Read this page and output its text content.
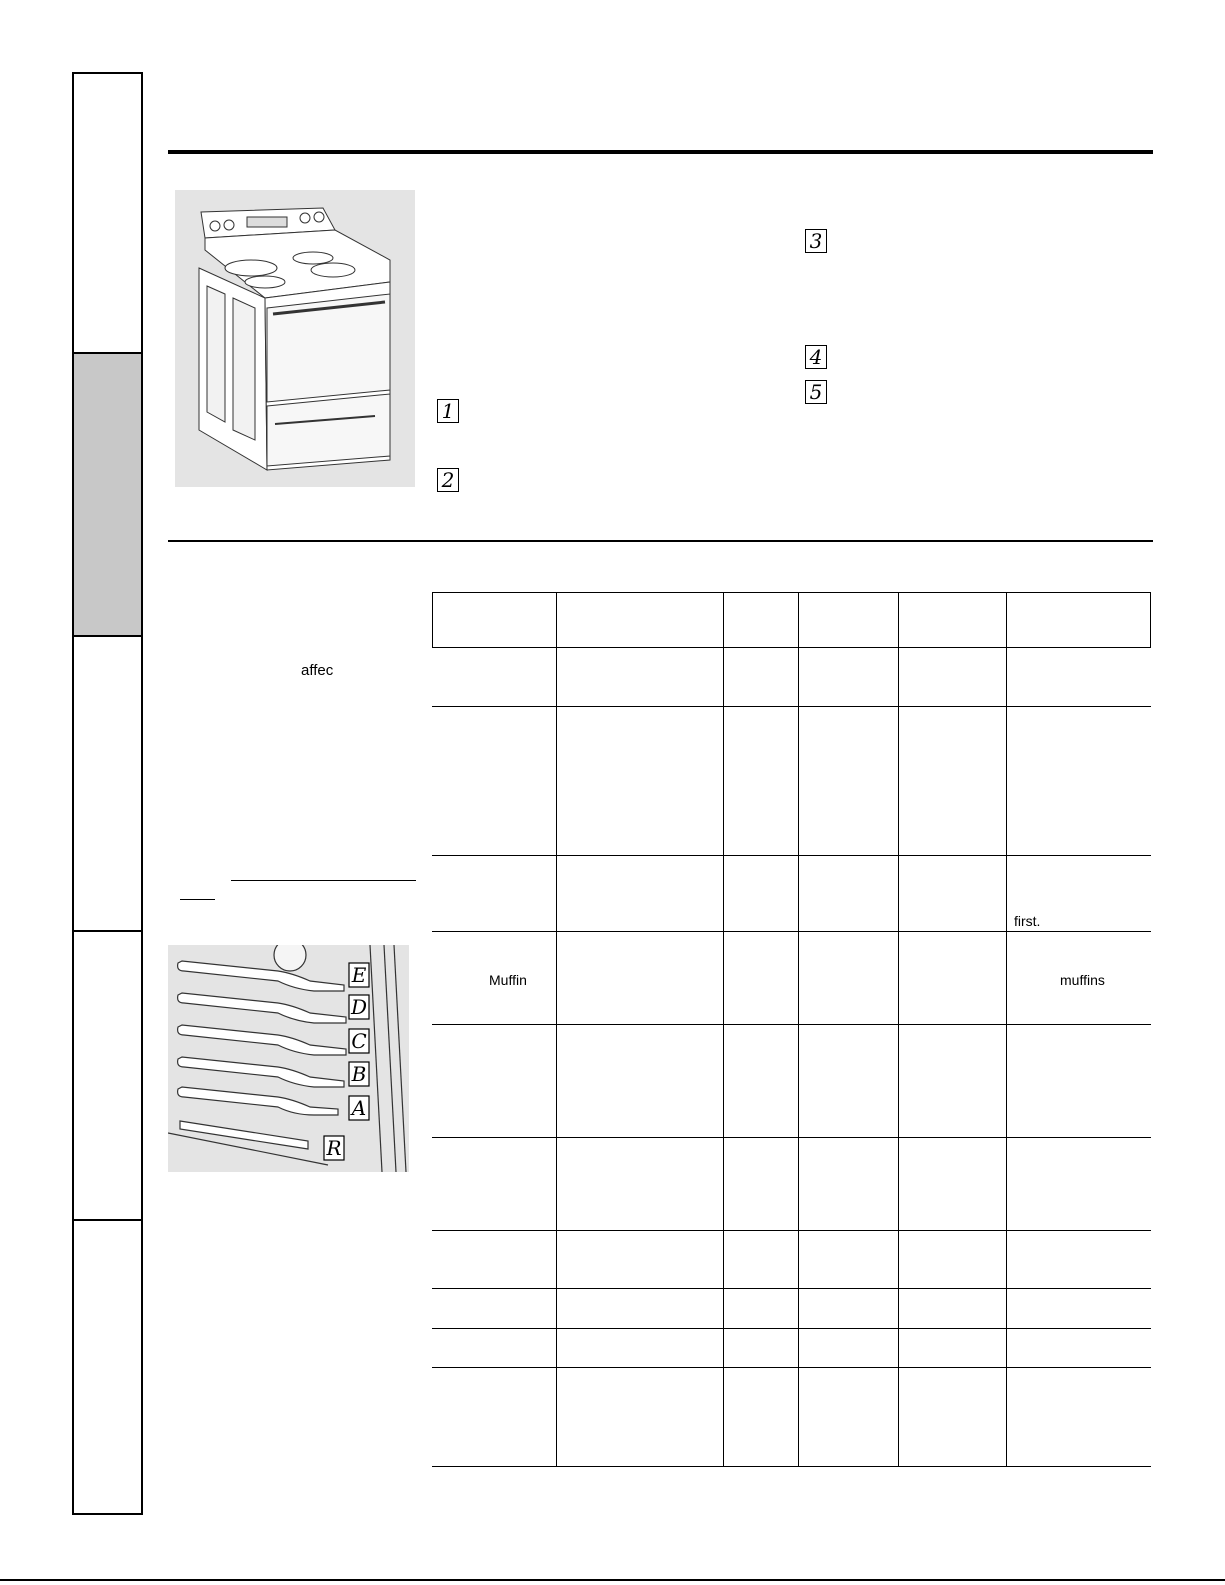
3
4
5
1
2
affec
E
D
C
B
A
R
first.
Muffin	muffins
